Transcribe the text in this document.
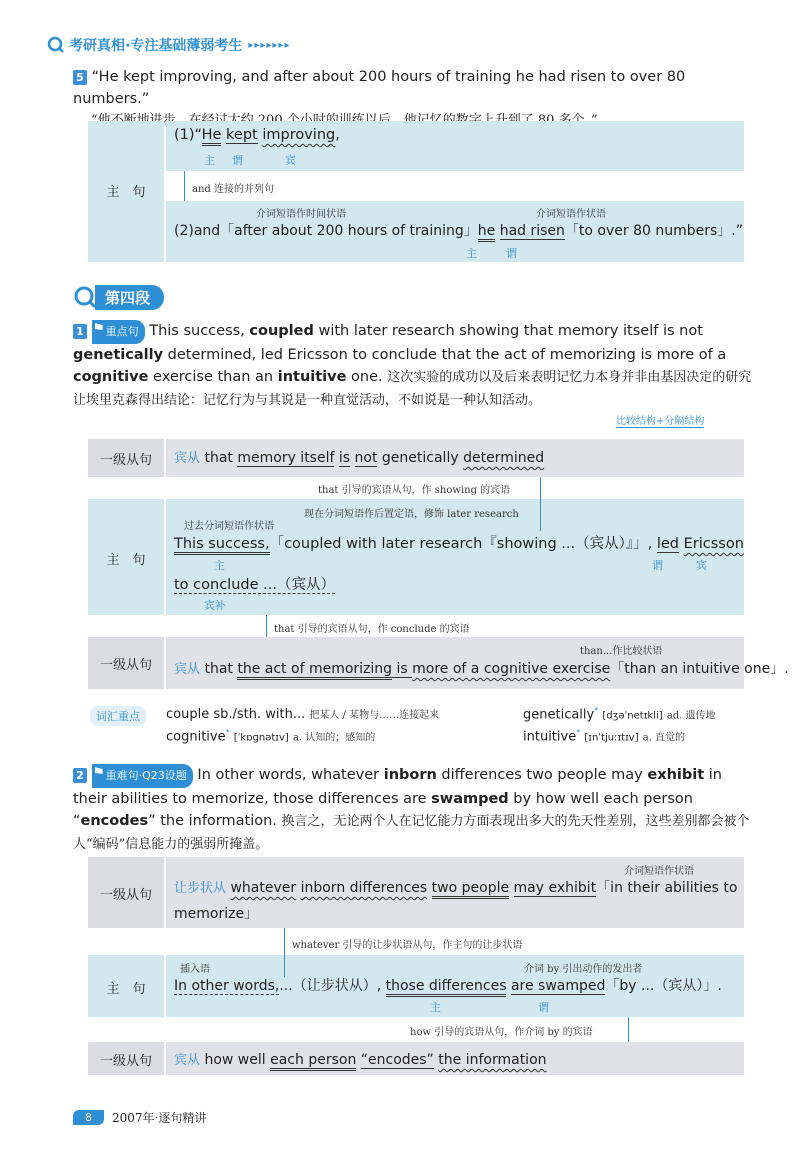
考研真相·专注基础薄弱考生 ▸▸▸▸▸▸▸
5 “He kept improving, and after about 200 hours of training he had risen to over 80 numbers.”
主　句
(1)“He kept improving,
主 谓	宾
and 连接的并列句
介词短语作时间状语	介词短语作状语
(2)and「after about 200 hours of training」he had risen「to over 80 numbers」.”
主	谓
第四段
1 重点句 This success, coupled with later research showing that memory itself is not genetically determined, led Ericsson to conclude that the act of memorizing is more of a cognitive exercise than an intuitive one. 这次实验的成功以及后来表明记忆力本身并非由基因决定的研究让埃里克森得出结论：记忆行为与其说是一种直觉活动，不如说是一种认知活动。
比较结构+分隔结构
一级从句	宾从 that memory itself is not genetically determined
that 引导的宾语从句，作 showing 的宾语
主　句
现在分词短语作后置定语，修饰 later research
过去分词短语作状语
This success,「coupled with later research『showing ...（宾从）』」, led Ericsson
主	谓	宾
to conclude ...（宾从）
宾补
that 引导的宾语从句，作 conclude 的宾语
一级从句
than...作比较状语
宾从 that the act of memorizing is more of a cognitive exercise「than an intuitive one」.
词汇重点	couple sb./sth. with... 把某人 / 某物与……连接起来	genetically* [dʒəˈnetɪkli] ad. 遗传地
cognitive* [ˈkɒɡnətɪv] a. 认知的；感知的	intuitive* [ɪnˈtjuːɪtɪv] a. 直觉的
2 重难句·Q23设题 In other words, whatever inborn differences two people may exhibit in their abilities to memorize, those differences are swamped by how well each person “encodes” the information. 换言之，无论两个人在记忆能力方面表现出多大的先天性差别，这些差别都会被个人“编码”信息能力的强弱所掩盖。
一级从句
介词短语作状语
让步状从 whatever inborn differences two people may exhibit「in their abilities to
memorize」
whatever 引导的让步状语从句，作主句的让步状语
主　句
插入语	介词 by 引出动作的发出者
In other words,...（让步状从）, those differences are swamped「by ...（宾从）」.
主	谓
how 引导的宾语从句，作介词 by 的宾语
一级从句	宾从 how well each person “encodes” the information
8	2007年·逐句精讲
